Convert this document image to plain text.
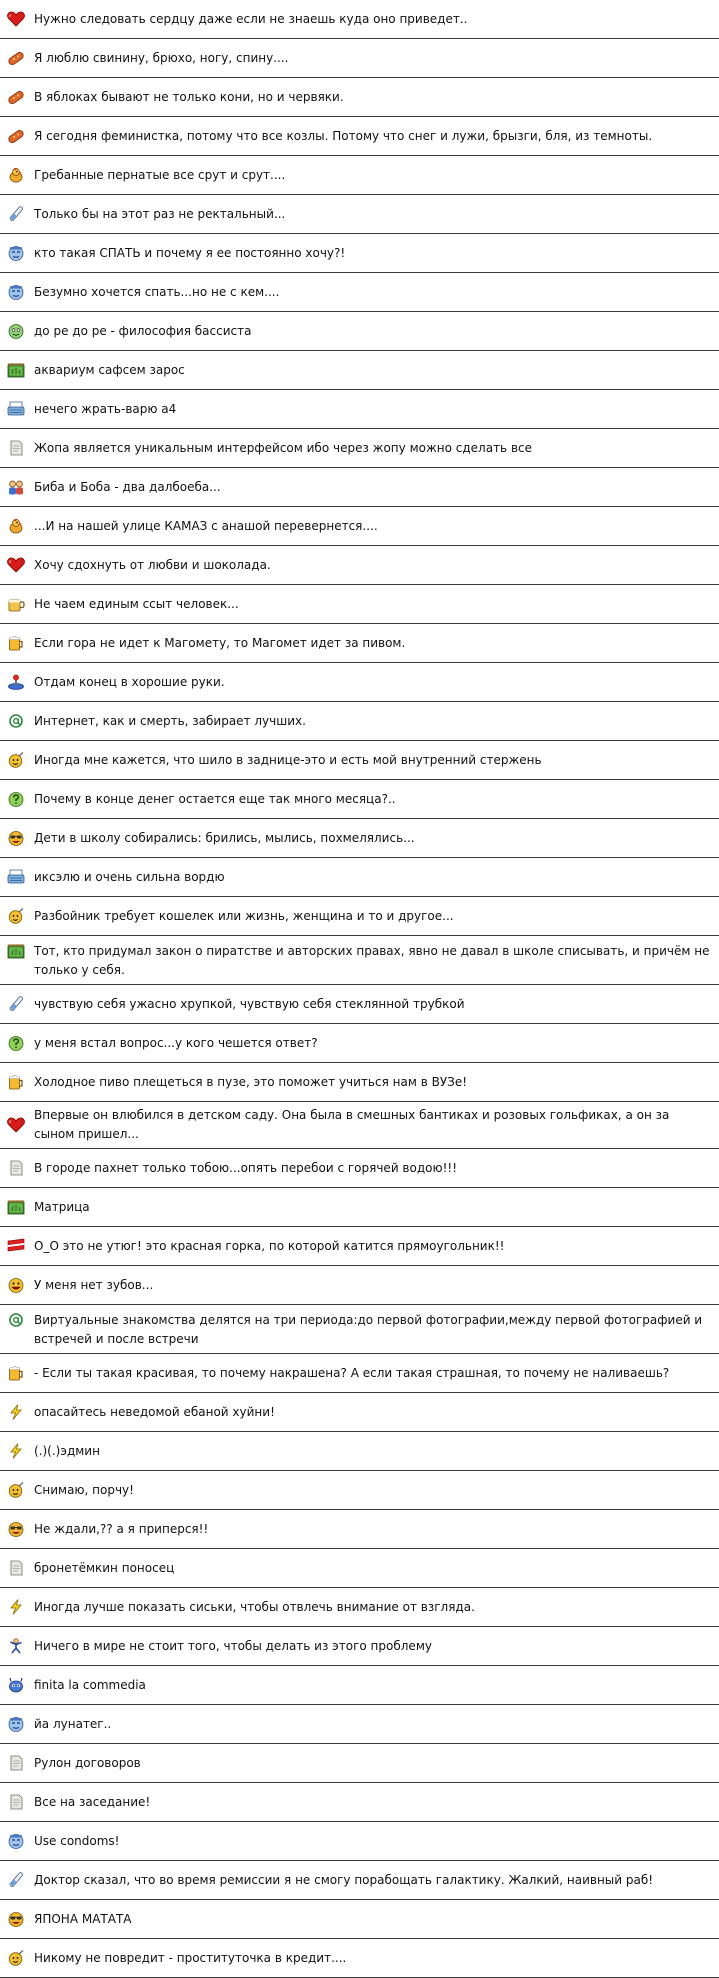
Нужно следовать сердцу даже если не знаешь куда оно приведет..
Я люблю свинину, брюхо, ногу, спину....
В яблоках бывают не только кони, но и червяки.
Я сегодня феминистка, потому что все козлы. Потому что снег и лужи, брызги, бля, из темноты.
Гребанные пернатые все срут и срут....
Только бы на этот раз не ректальный...
кто такая СПАТЬ и почему я ее постоянно хочу?!
Безумно хочется спать...но не с кем....
до ре до ре - философия бассиста
аквариум сафсем зарос
нечего жрать-варю а4
Жопа является уникальным интерфейсом ибо через жопу можно сделать все
Биба и Боба - два далбоеба...
...И на нашей улице КАМАЗ с анашой перевернется....
Хочу сдохнуть от любви и шоколада.
Не чаем единым ссыт человек...
Если гора не идет к Магомету, то Магомет идет за пивом.
Отдам конец в хорошие руки.
Интернет, как и смерть, забирает лучших.
Иногда мне кажется, что шило в заднице-это и есть мой внутренний стержень
Почему в конце денег остается еще так много месяца?..
Дети в школу собирались: брились, мылись, похмелялись...
иксэлю и очень сильна вордю
Разбойник требует кошелек или жизнь, женщина и то и другое...
Тот, кто придумал закон о пиратстве и авторских правах, явно не давал в школе списывать, и причём не только у себя.
чувствую себя ужасно хрупкой, чувствую себя стеклянной трубкой
у меня встал вопрос...у кого чешется ответ?
Холодное пиво плещеться в пузе, это поможет учиться нам в ВУЗе!
Впервые он влюбился в детском саду. Она была в смешных бантиках и розовых гольфиках, а он за сыном пришел...
В городе пахнет только тобою...опять перебои с горячей водою!!!
Матрица
О_О это не утюг! это красная горка, по которой катится прямоугольник!!
У меня нет зубов...
Виртуальные знакомства делятся на три периода:до первой фотографии,между первой фотографией и встречей и после встречи
- Если ты такая красивая, то почему накрашена? А если такая страшная, то почему не наливаешь?
опасайтесь неведомой ебаной хуйни!
(.)(.)эдмин
Снимаю, порчу!
Не ждали,?? а я приперся!!
бронетёмкин поносец
Иногда лучше показать сиськи, чтобы отвлечь внимание от взгляда.
Ничего в мире не стоит того, чтобы делать из этого проблему
finita la commedia
йа лунатег..
Рулон договоров
Все на заседание!
Use condoms!
Доктор сказал, что во время ремиссии я не смогу порабощать галактику. Жалкий, наивный раб!
ЯПОНА МАТАТА
Никому не повредит - проституточка в кредит....
